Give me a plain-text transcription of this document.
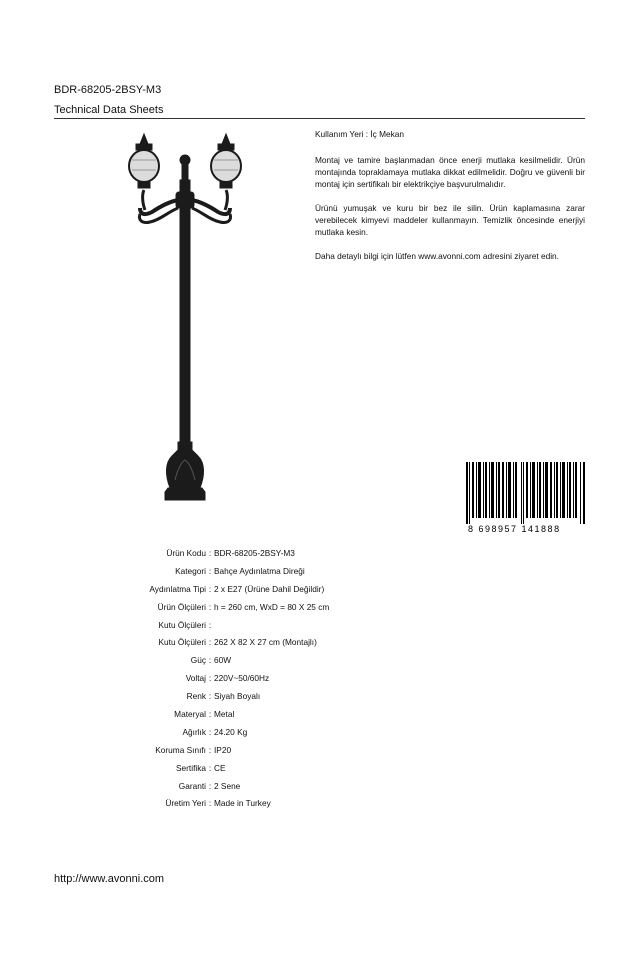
BDR-68205-2BSY-M3
Technical Data Sheets

Kullanım Yeri : İç Mekan

Montaj ve tamire başlanmadan önce enerji mutlaka kesilmelidir. Ürün montajında topraklamaya mutlaka dikkat edilmelidir. Doğru ve güvenli bir montaj için sertifikalı bir elektrikçiye başvurulmalıdır.

Ürünü yumuşak ve kuru bir bez ile silin. Ürün kaplamasına zarar verebilecek kimyevi maddeler kullanmayın. Temizlik öncesinde enerjiyi mutlaka kesin.

Daha detaylı bilgi için lütfen www.avonni.com adresini ziyaret edin.

8 698957 141888
Ürün Kodu : BDR-68205-2BSY-M3
Kategori : Bahçe Aydınlatma Direği
Aydınlatma Tipi : 2 x E27 (Ürüne Dahil Değildir)
Ürün Ölçüleri : h = 260 cm, WxD = 80 X 25 cm
Kutu Ölçüleri :
Kutu Ölçüleri : 262 X 82 X 27 cm (Montajlı)
Güç : 60W
Voltaj : 220V~50/60Hz
Renk : Siyah Boyalı
Materyal : Metal
Ağırlık : 24.20 Kg
Koruma Sınıfı : IP20
Sertifika : CE
Garanti : 2 Sene
Üretim Yeri : Made in Turkey
http://www.avonni.com
